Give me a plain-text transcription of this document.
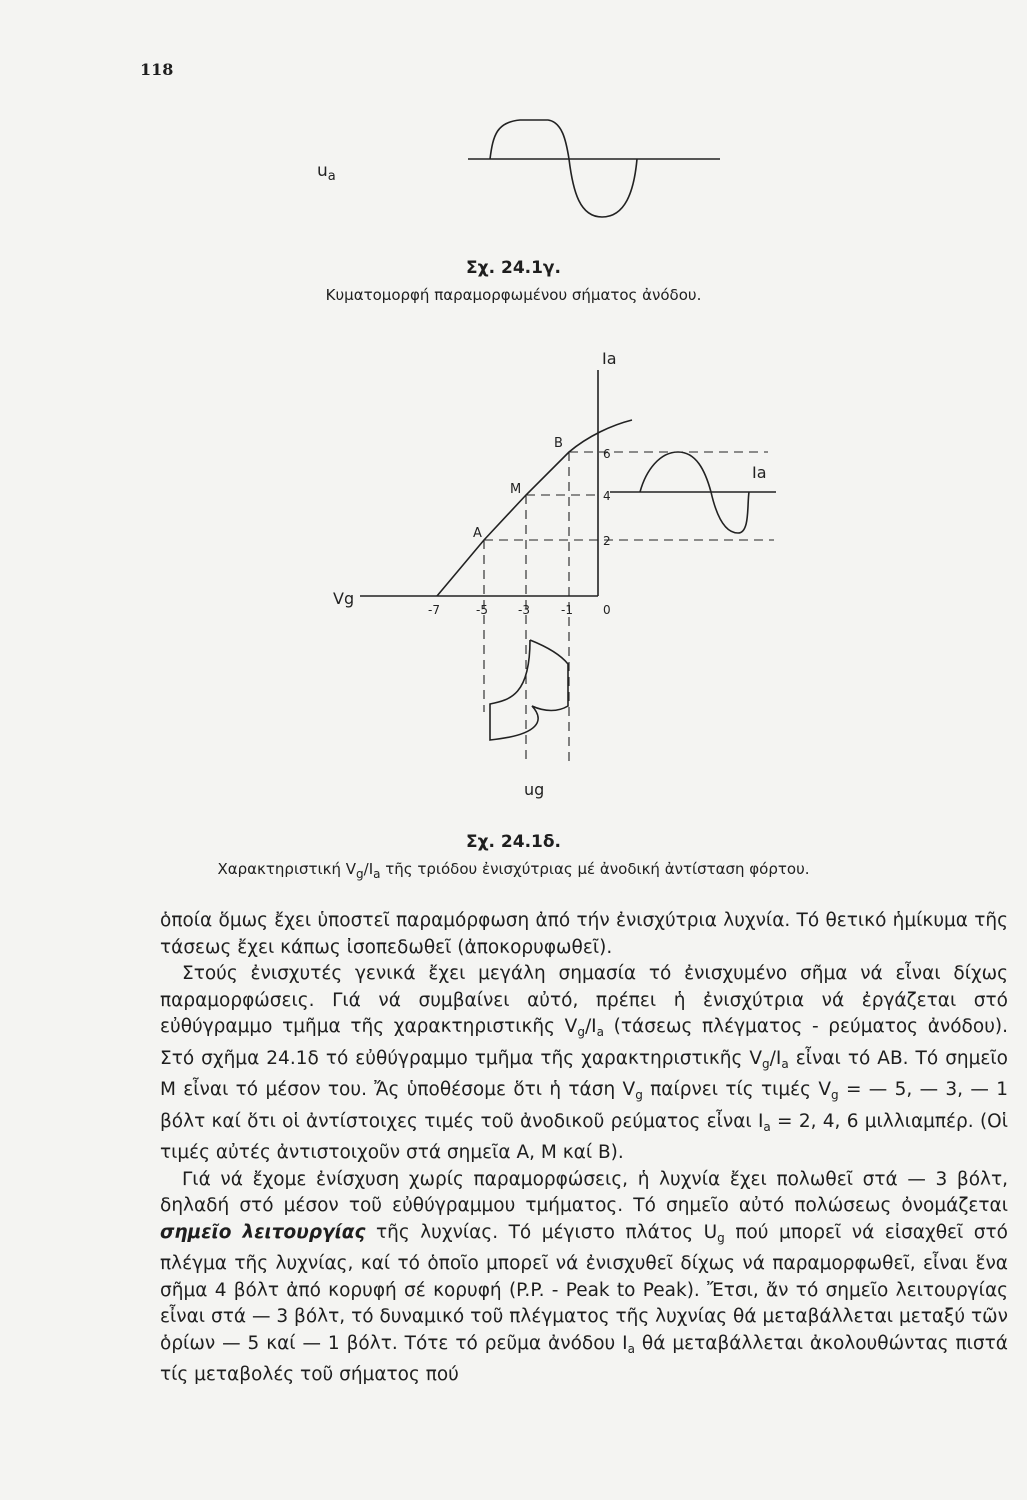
118
$u_a$
Σχ. 24.1γ.
Κυματομορφή παραμορφωμένου σήματος ἀνόδου.
Ia
Vg
Ia
ug
A
M
B
2
4
6
-7	-5	-3	-1	0
Σχ. 24.1δ.
Χαρακτηριστική $V_g/I_a$ τῆς τριόδου ἐνισχύτριας μέ ἀνοδική ἀντίσταση φόρτου.

ὁποία ὅμως ἔχει ὑποστεῖ παραμόρφωση ἀπό τήν ἐνισχύτρια λυχνία. Τό θετικό ἡμίκυμα τῆς τάσεως ἔχει κάπως ἰσοπεδωθεῖ (ἀποκορυφωθεῖ).

Στούς ἐνισχυτές γενικά ἔχει μεγάλη σημασία τό ἐνισχυμένο σῆμα νά εἶναι δίχως παραμορφώσεις. Γιά νά συμβαίνει αὐτό, πρέπει ἡ ἐνισχύτρια νά ἐργάζεται στό εὐθύγραμμο τμῆμα τῆς χαρακτηριστικῆς $V_g/I_a$ (τάσεως πλέγματος - ρεύματος ἀνόδου). Στό σχῆμα 24.1δ τό εὐθύγραμμο τμῆμα τῆς χαρακτηριστικῆς $V_g/I_a$ εἶναι τό AB. Τό σημεῖο M εἶναι τό μέσον του. Ἄς ὑποθέσομε ὅτι ἡ τάση $V_g$ παίρνει τίς τιμές $V_g$ = — 5, — 3, — 1 βόλτ καί ὅτι οἱ ἀντίστοιχες τιμές τοῦ ἀνοδικοῦ ρεύματος εἶναι $I_a = 2$, 4, 6 μιλλιαμπέρ. (Οἱ τιμές αὐτές ἀντιστοιχοῦν στά σημεῖα A, M καί B).

Γιά νά ἔχομε ἐνίσχυση χωρίς παραμορφώσεις, ἡ λυχνία ἔχει πολωθεῖ στά — 3 βόλτ, δηλαδή στό μέσον τοῦ εὐθύγραμμου τμήματος. Τό σημεῖο αὐτό πολώσεως ὀνομάζεται σημεῖο λειτουργίας τῆς λυχνίας. Τό μέγιστο πλάτος $U_g$ πού μπορεῖ νά εἰσαχθεῖ στό πλέγμα τῆς λυχνίας, καί τό ὁποῖο μπορεῖ νά ἐνισχυθεῖ δίχως νά παραμορφωθεῖ, εἶναι ἕνα σῆμα 4 βόλτ ἀπό κορυφή σέ κορυφή (P.P. - Peak to Peak). Ἔτσι, ἄν τό σημεῖο λειτουργίας εἶναι στά — 3 βόλτ, τό δυναμικό τοῦ πλέγματος τῆς λυχνίας θά μεταβάλλεται μεταξύ τῶν ὁρίων — 5 καί — 1 βόλτ. Τότε τό ρεῦμα ἀνόδου $I_a$ θά μεταβάλλεται ἀκολουθώντας πιστά τίς μεταβολές τοῦ σήματος πού
